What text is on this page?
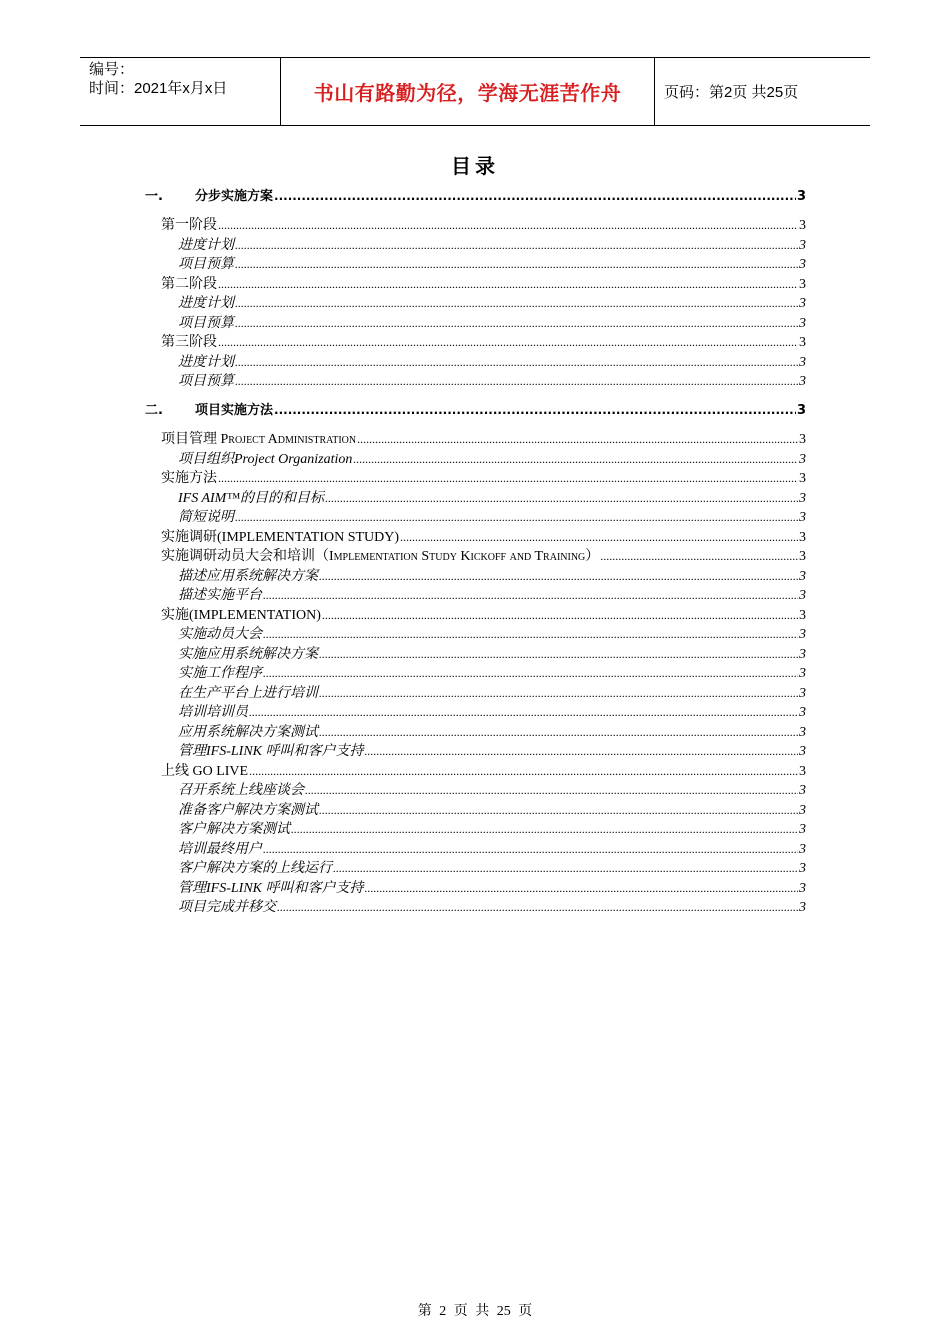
编号：
时间：2021年x月x日	书山有路勤为径，学海无涯苦作舟	页码：第2页 共25页
目录
一. 分步实施方案 .....	3
第一阶段 .....	3
进度计划 .....	3
项目预算 .....	3
第二阶段 .....	3
进度计划 .....	3
项目预算 .....	3
第三阶段 .....	3
进度计划 .....	3
项目预算 .....	3
二. 项目实施方法 .....	3
项目管理 Project Administration .....	3
项目组织Project Organization .....	3
实施方法 .....	3
IFS AIM™的目的和目标 .....	3
简短说明 .....	3
实施调研(IMPLEMENTATION STUDY) .....	3
实施调研动员大会和培训（Implementation Study Kickoff and Training） .....	3
描述应用系统解决方案 .....	3
描述实施平台 .....	3
实施(IMPLEMENTATION) .....	3
实施动员大会 .....	3
实施应用系统解决方案 .....	3
实施工作程序 .....	3
在生产平台上进行培训 .....	3
培训培训员 .....	3
应用系统解决方案测试 .....	3
管理IFS-LINK 呼叫和客户支持 .....	3
上线 GO LIVE .....	3
召开系统上线座谈会 .....	3
准备客户解决方案测试 .....	3
客户解决方案测试 .....	3
培训最终用户 .....	3
客户解决方案的上线运行 .....	3
管理IFS-LINK 呼叫和客户支持 .....	3
项目完成并移交 .....	3
第 2 页 共 25 页
